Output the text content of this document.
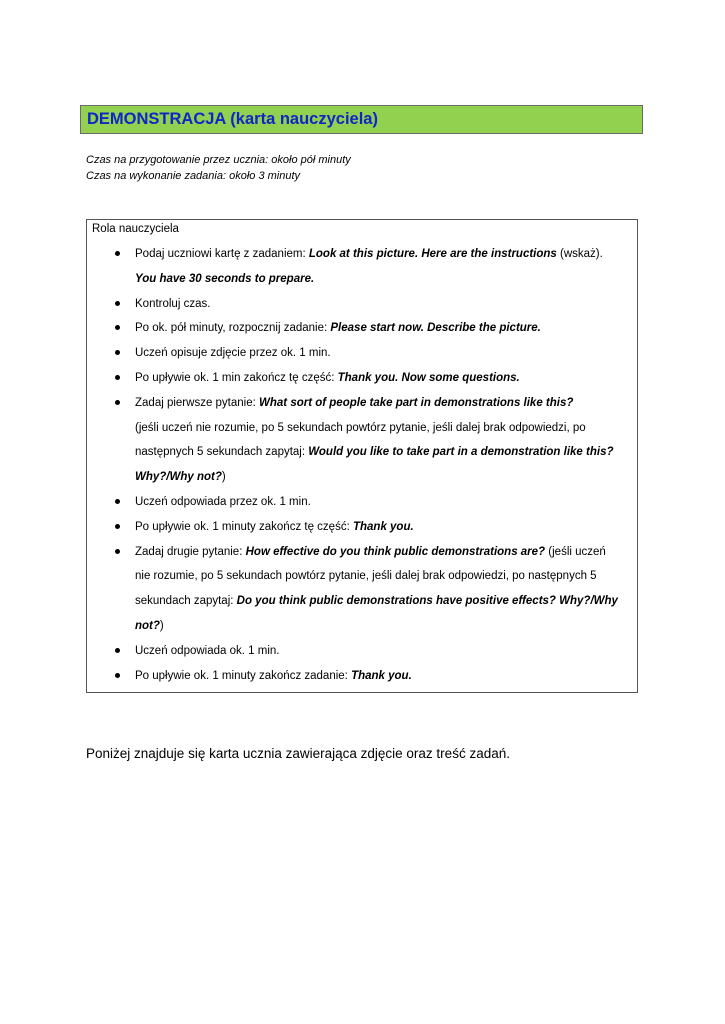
DEMONSTRACJA (karta nauczyciela)
Czas na przygotowanie przez ucznia: około pół minuty
Czas na wykonanie zadania: około 3 minuty
Rola nauczyciela
Podaj uczniowi kartę z zadaniem: Look at this picture. Here are the instructions (wskaż).
You have 30 seconds to prepare.
Kontroluj czas.
Po ok. pół minuty, rozpocznij zadanie: Please start now. Describe the picture.
Uczeń opisuje zdjęcie przez ok. 1 min.
Po upływie ok. 1 min zakończ tę część: Thank you. Now some questions.
Zadaj pierwsze pytanie: What sort of people take part in demonstrations like this?
(jeśli uczeń nie rozumie, po 5 sekundach powtórz pytanie, jeśli dalej brak odpowiedzi, po następnych 5 sekundach zapytaj: Would you like to take part in a demonstration like this? Why?/Why not?)
Uczeń odpowiada przez ok. 1 min.
Po upływie ok. 1 minuty zakończ tę część: Thank you.
Zadaj drugie pytanie: How effective do you think public demonstrations are? (jeśli uczeń nie rozumie, po 5 sekundach powtórz pytanie, jeśli dalej brak odpowiedzi, po następnych 5 sekundach zapytaj: Do you think public demonstrations have positive effects? Why?/Why not?)
Uczeń odpowiada ok. 1 min.
Po upływie ok. 1 minuty zakończ zadanie: Thank you.
Poniżej znajduje się karta ucznia zawierająca zdjęcie oraz treść zadań.
